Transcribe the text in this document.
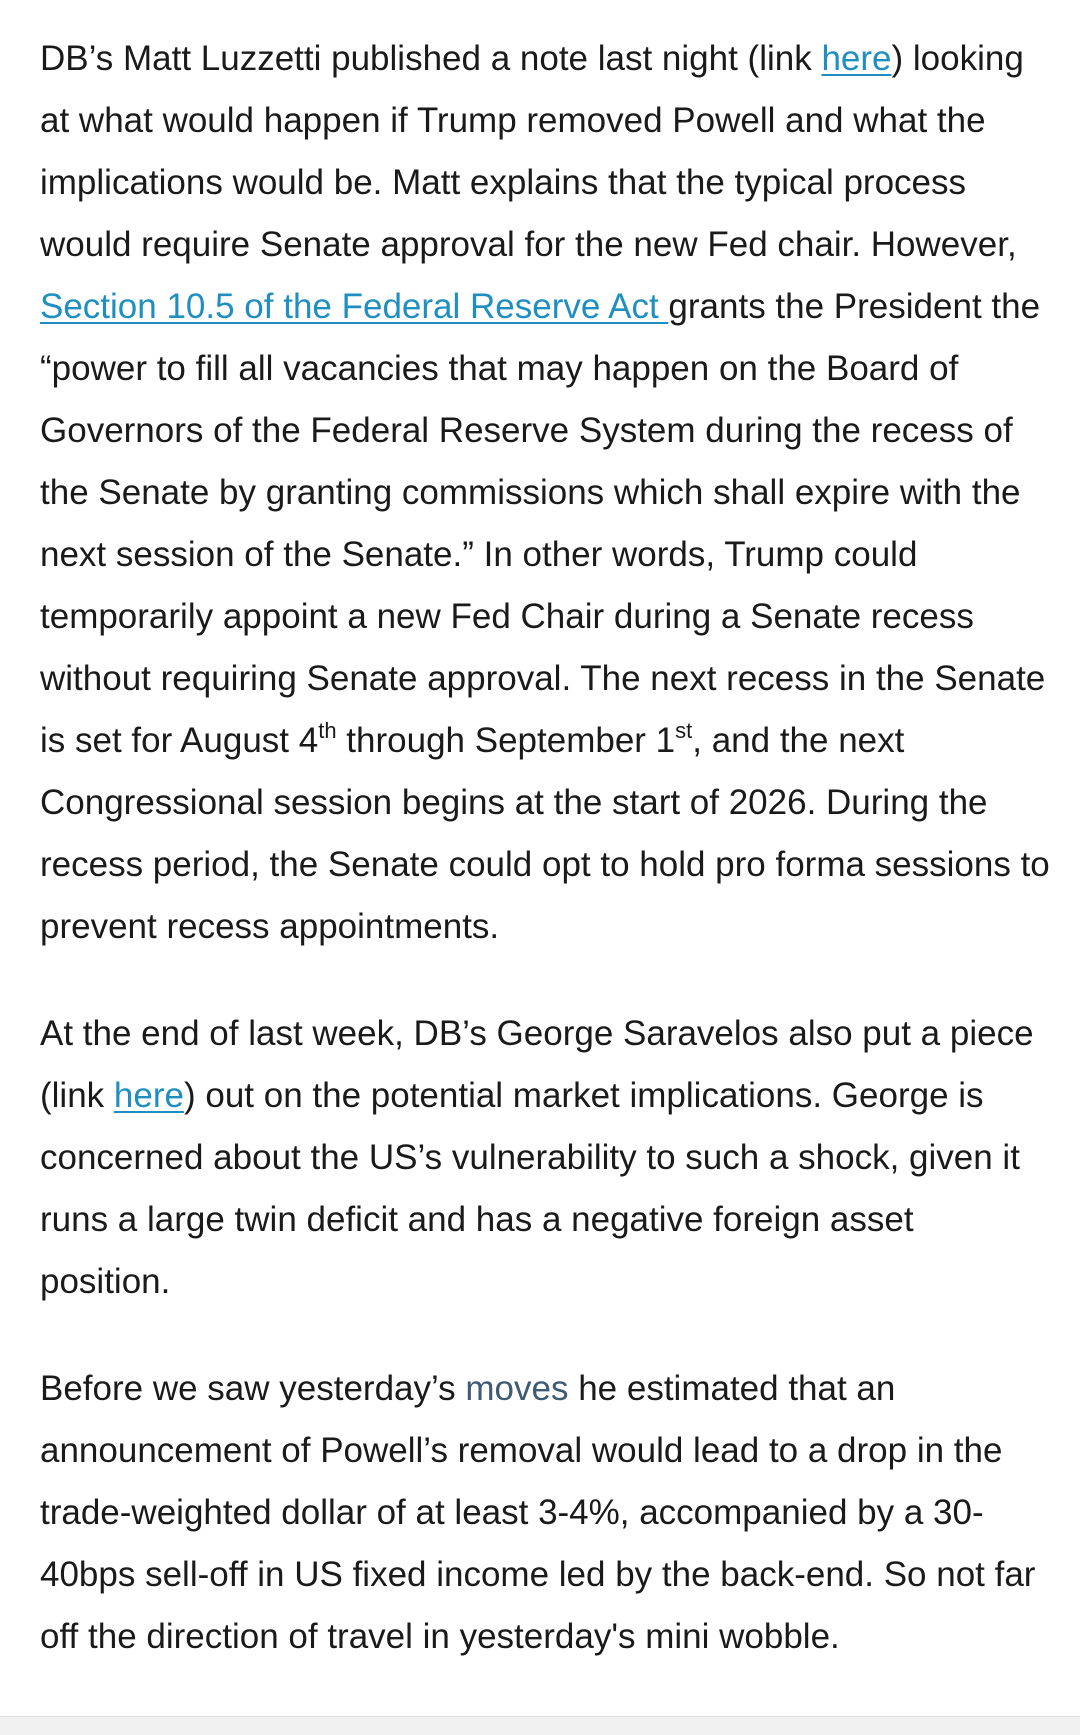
DB’s Matt Luzzetti published a note last night (link here) looking at what would happen if Trump removed Powell and what the implications would be. Matt explains that the typical process would require Senate approval for the new Fed chair. However, Section 10.5 of the Federal Reserve Act grants the President the “power to fill all vacancies that may happen on the Board of Governors of the Federal Reserve System during the recess of the Senate by granting commissions which shall expire with the next session of the Senate.” In other words, Trump could temporarily appoint a new Fed Chair during a Senate recess without requiring Senate approval. The next recess in the Senate is set for August 4th through September 1st, and the next Congressional session begins at the start of 2026. During the recess period, the Senate could opt to hold pro forma sessions to prevent recess appointments.

At the end of last week, DB’s George Saravelos also put a piece (link here) out on the potential market implications. George is concerned about the US’s vulnerability to such a shock, given it runs a large twin deficit and has a negative foreign asset position.

Before we saw yesterday’s moves he estimated that an announcement of Powell’s removal would lead to a drop in the trade-weighted dollar of at least 3-4%, accompanied by a 30-40bps sell-off in US fixed income led by the back-end. So not far off the direction of travel in yesterday's mini wobble.
